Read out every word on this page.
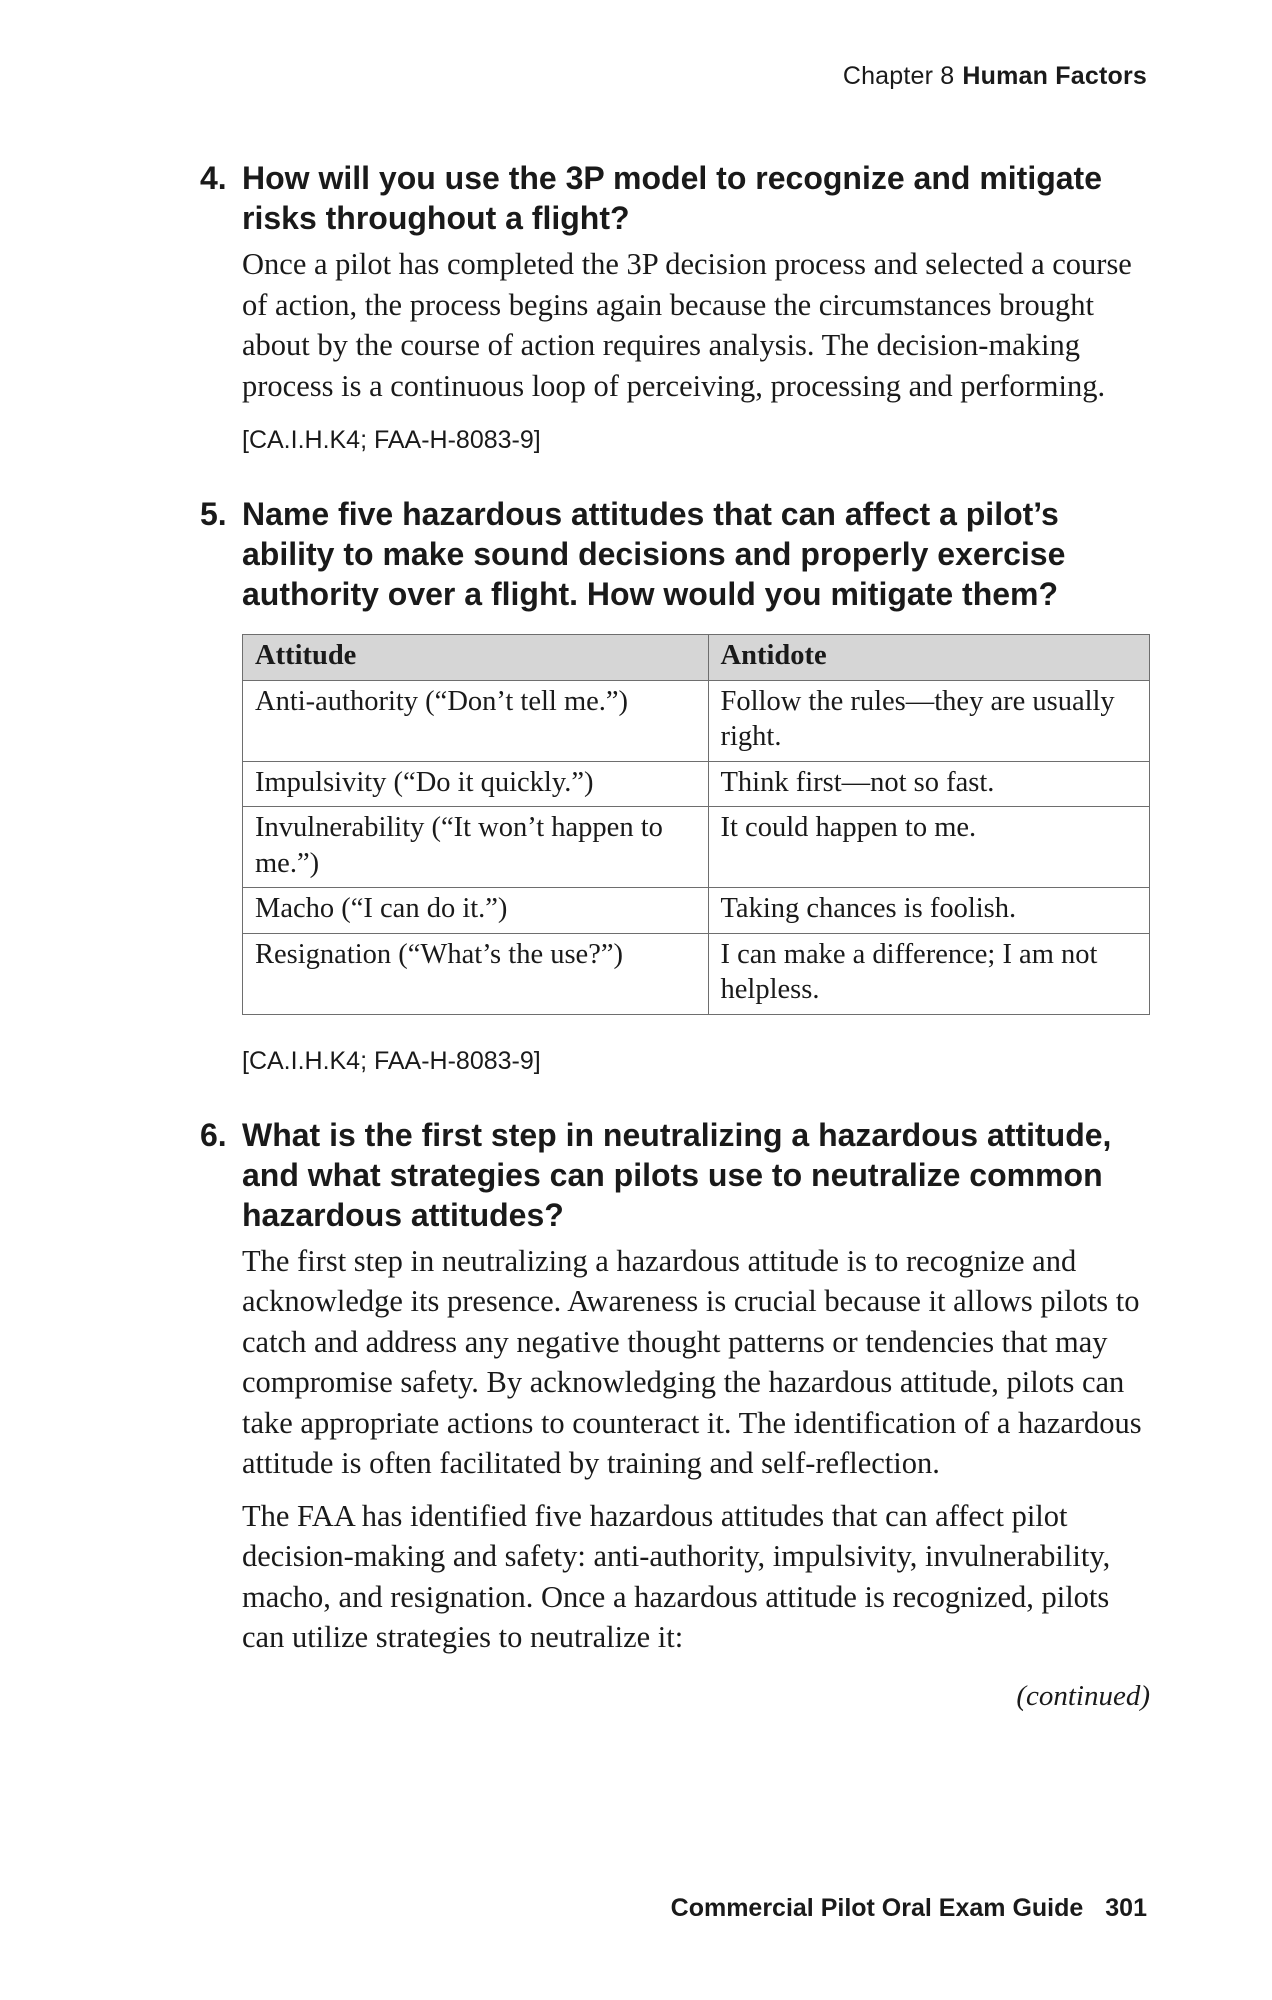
Chapter 8 Human Factors
4. How will you use the 3P model to recognize and mitigate risks throughout a flight?

Once a pilot has completed the 3P decision process and selected a course of action, the process begins again because the circumstances brought about by the course of action requires analysis. The decision-making process is a continuous loop of perceiving, processing and performing.

[CA.I.H.K4; FAA-H-8083-9]

5. Name five hazardous attitudes that can affect a pilot’s ability to make sound decisions and properly exercise authority over a flight. How would you mitigate them?

Attitude	Antidote
Anti-authority (“Don’t tell me.”)	Follow the rules—they are usually right.
Impulsivity (“Do it quickly.”)	Think first—not so fast.
Invulnerability (“It won’t happen to me.”)	It could happen to me.
Macho (“I can do it.”)	Taking chances is foolish.
Resignation (“What’s the use?”)	I can make a difference; I am not helpless.

[CA.I.H.K4; FAA-H-8083-9]

6. What is the first step in neutralizing a hazardous attitude, and what strategies can pilots use to neutralize common hazardous attitudes?

The first step in neutralizing a hazardous attitude is to recognize and acknowledge its presence. Awareness is crucial because it allows pilots to catch and address any negative thought patterns or tendencies that may compromise safety. By acknowledging the hazardous attitude, pilots can take appropriate actions to counteract it. The identification of a hazardous attitude is often facilitated by training and self-reflection.

The FAA has identified five hazardous attitudes that can affect pilot decision-making and safety: anti-authority, impulsivity, invulnerability, macho, and resignation. Once a hazardous attitude is recognized, pilots can utilize strategies to neutralize it:

(continued)

Commercial Pilot Oral Exam Guide 301
